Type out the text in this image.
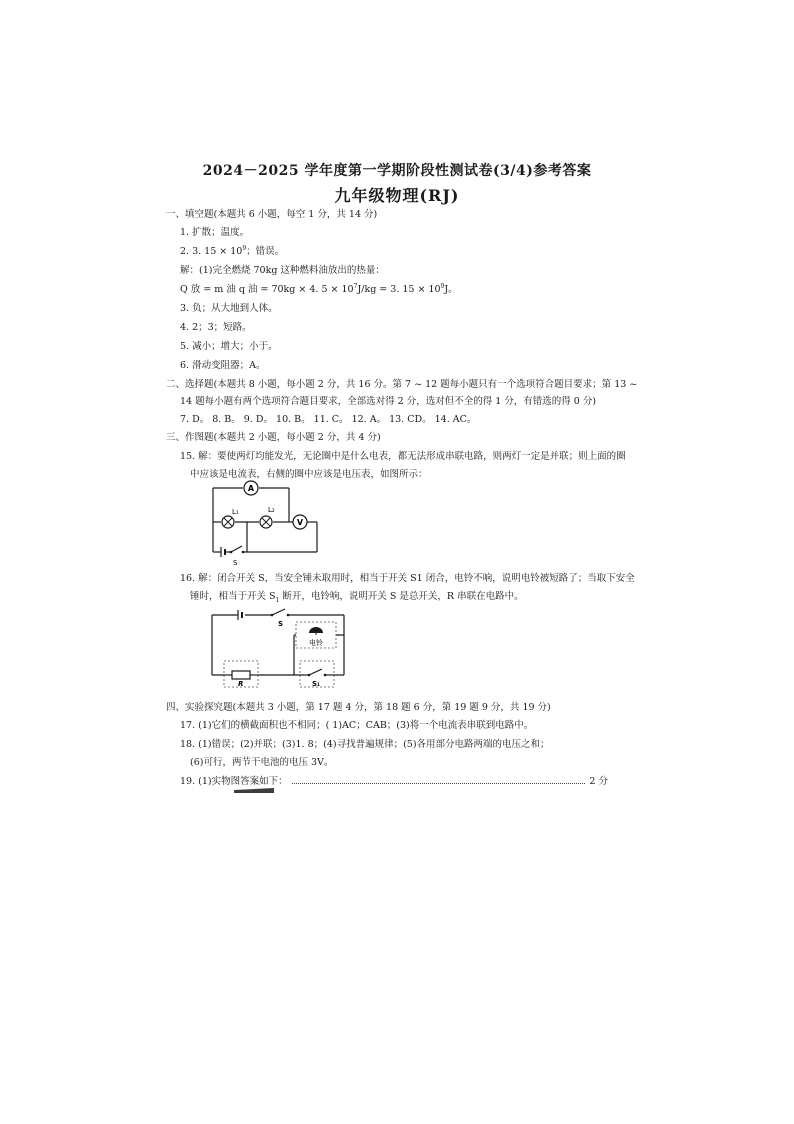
2024－2025 学年度第一学期阶段性测试卷(3/4)参考答案
九年级物理(RJ)
一、填空题(本题共 6 小题，每空 1 分，共 14 分)
1. 扩散；温度。
2. 3. $15 \times 10^9$；错误。
解：(1)完全燃烧 70kg 这种燃料油放出的热量：
Q 放 = m 油 q 油 = 70kg × 4. $5 \times 10^7J/kg = 3$. $15 \times 10^9J$。
3. 负；从大地到人体。
4. 2；3；短路。
5. 减小；增大；小于。
6. 滑动变阻器；A。
二、选择题(本题共 8 小题，每小题 2 分，共 16 分。第 7 ~ 12 题每小题只有一个选项符合题目要求；第 13 ~
14 题每小题有两个选项符合题目要求，全部选对得 2 分，选对但不全的得 1 分，有错选的得 0 分)
7. D。 8. B。 9. D。 10. B。 11. C。 12. A。 13. CD。 14. AC。
三、作图题(本题共 2 小题，每小题 2 分，共 4 分)
15. 解：要使两灯均能发光，无论圈中是什么电表，都无法形成串联电路，则两灯一定是并联；则上面的圈
中应该是电流表，右侧的圈中应该是电压表，如图所示：
A
L₁	L₂
V
S
16. 解：闭合开关 S，当安全锤未取用时，相当于开关 S1 闭合，电铃不响，说明电铃被短路了；当取下安全
锤时，相当于开关 $S_1$ 断开，电铃响，说明开关 S 是总开关，R 串联在电路中。
S
电铃
R	S₁
四、实验探究题(本题共 3 小题，第 17 题 4 分，第 18 题 6 分，第 19 题 9 分，共 19 分)
17. (1)它们的横截面积也不相同；( 1)AC；CAB；(3)将一个电流表串联到电路中。
18. (1)错误；(2)并联；(3)1. 8；(4)寻找普遍规律；(5)各用部分电路两端的电压之和；
(6)可行，两节干电池的电压 3V。
19. (1)实物图答案如下：	2 分
